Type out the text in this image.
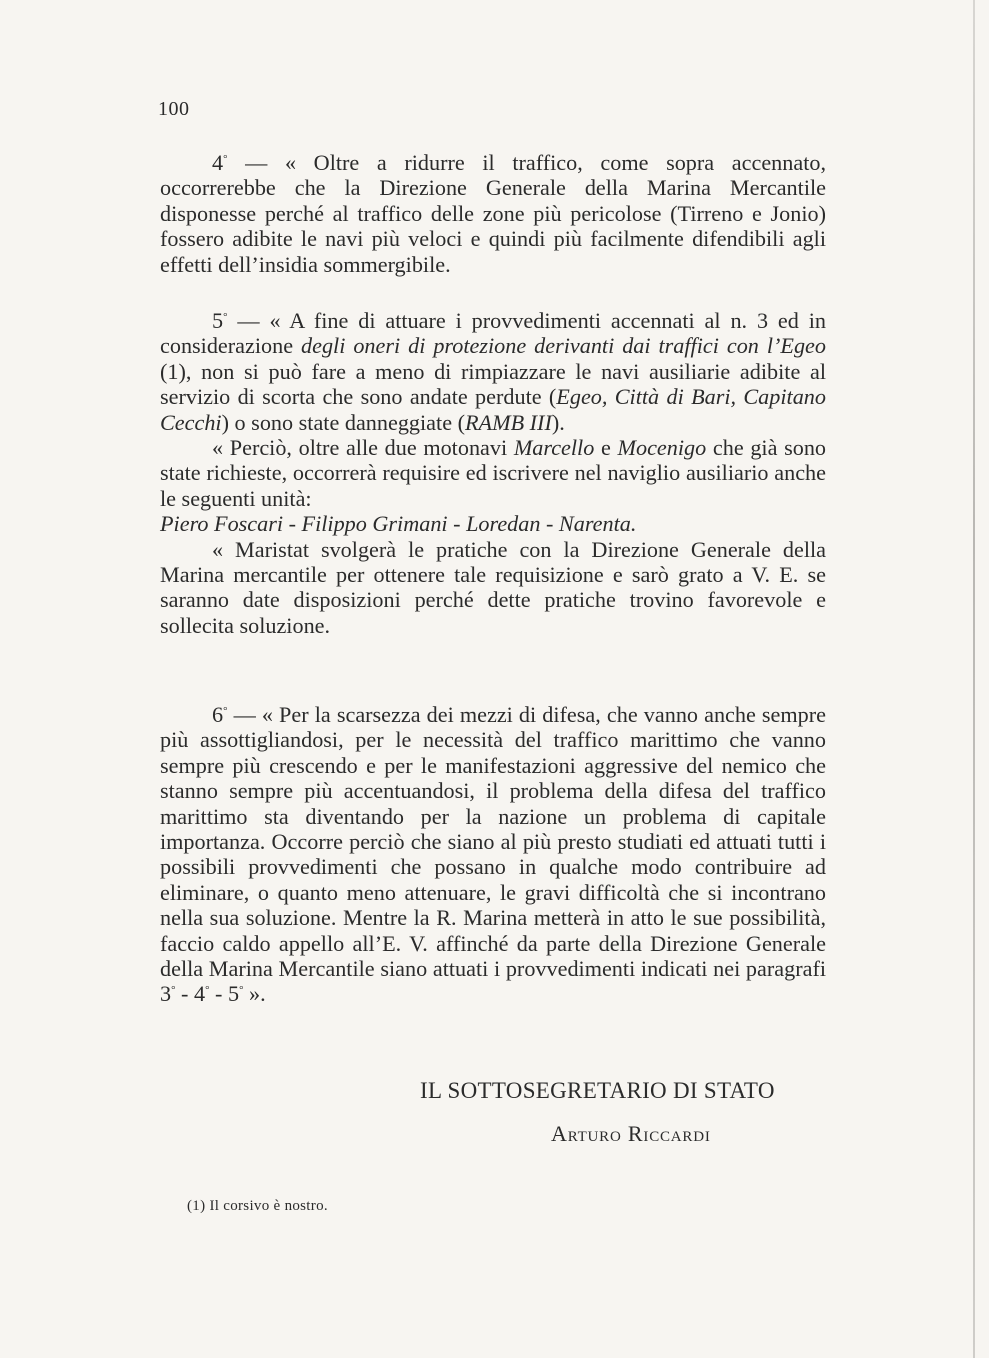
100

4° — « Oltre a ridurre il traffico, come sopra accennato, occorrerebbe che la Direzione Generale della Marina Mercantile disponesse perché al traffico delle zone più pericolose (Tirreno e Jonio) fossero adibite le navi più veloci e quindi più facilmente difendibili agli effetti dell’insidia sommergibile.

5° — « A fine di attuare i provvedimenti accennati al n. 3 ed in considerazione degli oneri di protezione derivanti dai traffici con l’Egeo (1), non si può fare a meno di rimpiazzare le navi ausiliarie adibite al servizio di scorta che sono andate perdute (Egeo, Città di Bari, Capitano Cecchi) o sono state danneggiate (RAMB III).

« Perciò, oltre alle due motonavi Marcello e Mocenigo che già sono state richieste, occorrerà requisire ed iscrivere nel naviglio ausiliario anche le seguenti unità:

Piero Foscari - Filippo Grimani - Loredan - Narenta.

« Maristat svolgerà le pratiche con la Direzione Generale della Marina mercantile per ottenere tale requisizione e sarò grato a V. E. se saranno date disposizioni perché dette pratiche trovino favorevole e sollecita soluzione.

6° — « Per la scarsezza dei mezzi di difesa, che vanno anche sempre più assottigliandosi, per le necessità del traffico marittimo che vanno sempre più crescendo e per le manifestazioni aggressive del nemico che stanno sempre più accentuandosi, il problema della difesa del traffico marittimo sta diventando per la nazione un problema di capitale importanza. Occorre perciò che siano al più presto studiati ed attuati tutti i possibili provvedimenti che possano in qualche modo contribuire ad eliminare, o quanto meno attenuare, le gravi difficoltà che si incontrano nella sua soluzione. Mentre la R. Marina metterà in atto le sue possibilità, faccio caldo appello all’E. V. affinché da parte della Direzione Generale della Marina Mercantile siano attuati i provvedimenti indicati nei paragrafi 3° - 4° - 5° ».

IL SOTTOSEGRETARIO DI STATO
Arturo Riccardi
(1) Il corsivo è nostro.
